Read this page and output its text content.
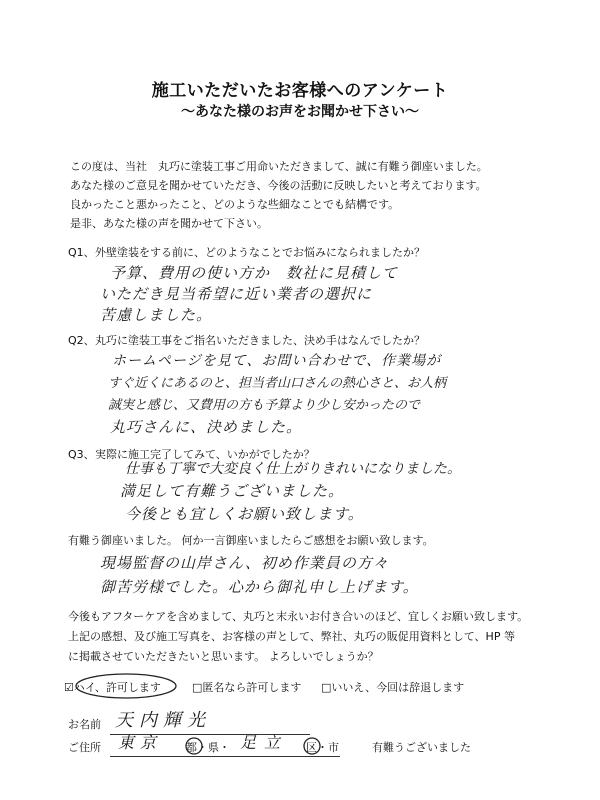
施工いただいたお客様へのアンケート
～あなた様のお声をお聞かせ下さい～
この度は、当社　丸巧に塗装工事ご用命いただきまして、誠に有難う御座いました。
あなた様のご意見を聞かせていただき、今後の活動に反映したいと考えております。
良かったこと悪かったこと、どのような些細なことでも結構です。
是非、あなた様の声を聞かせて下さい。
Q1、 外壁塗装をする前に、どのようなことでお悩みになられましたか？
予算、費用の使い方か　数社に見積して
いただき見当希望に近い業者の選択に
苦慮しました。
Q2、 丸巧に塗装工事をご指名いただきました、決め手はなんでしたか？
ホームページを見て、お問い合わせで、作業場が
すぐ近くにあるのと、担当者山口さんの熱心さと、お人柄
誠実と感じ、又費用の方も予算より少し安かったので
丸巧さんに、決めました。
Q3、 実際に施工完了してみて、いかがでしたか？
仕事も丁寧で大変良く仕上がりきれいになりました。
満足して有難うございました。
今後とも宜しくお願い致します。
有難う御座いました。 何か一言御座いましたらご感想をお願い致します。
現場監督の山岸さん、初め作業員の方々
御苦労様でした。心から御礼申し上げます。
今後もアフターケアを含めまして、丸巧と末永いお付き合いのほど、宜しくお願い致します。
上記の感想、及び施工写真を、お客様の声として、弊社、丸巧の販促用資料として、HP 等
に掲載させていただきたいと思います。 よろしいでしょうか？
☑ハイ、許可します	□匿名なら許可します □いいえ、今回は辞退します
お名前 天内輝光
ご住所 東京 都・県・ 足立 区・市	有難うございました
